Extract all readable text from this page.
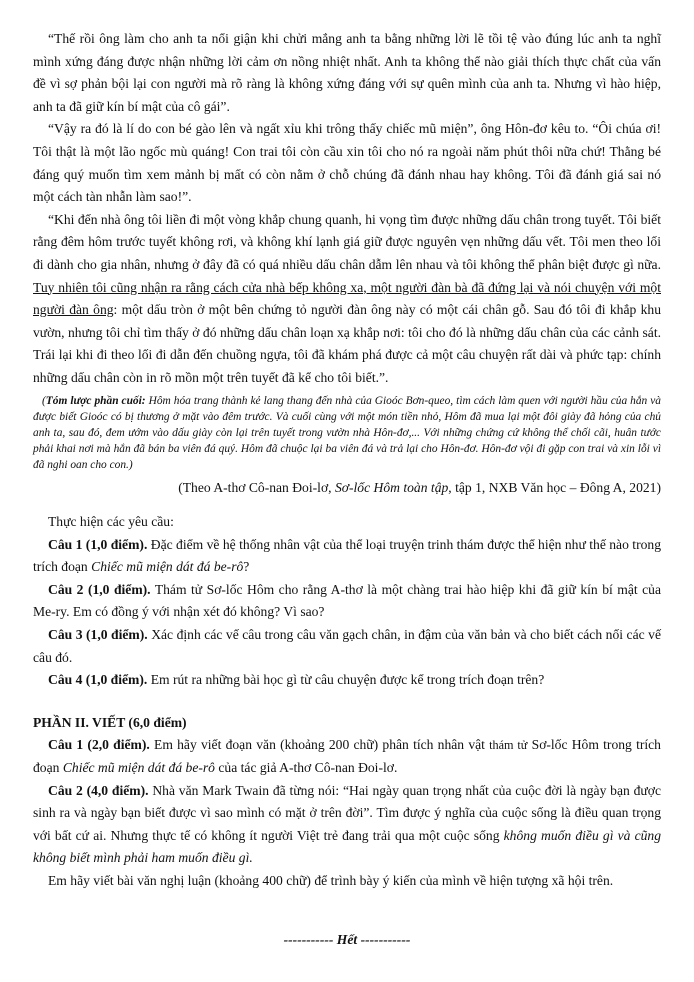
“Thế rồi ông làm cho anh ta nổi giận khi chửi mắng anh ta bằng những lời lẽ tồi tệ vào đúng lúc anh ta nghĩ mình xứng đáng được nhận những lời cảm ơn nồng nhiệt nhất. Anh ta không thể nào giải thích thực chất của vấn đề vì sợ phản bội lại con người mà rõ ràng là không xứng đáng với sự quên mình của anh ta. Nhưng vì hào hiệp, anh ta đã giữ kín bí mật của cô gái”.

“Vậy ra đó là lí do con bé gào lên và ngất xỉu khi trông thấy chiếc mũ miện”, ông Hôn-đơ kêu to. “Ôi chúa ơi! Tôi thật là một lão ngốc mù quáng! Con trai tôi còn cầu xin tôi cho nó ra ngoài năm phút thôi nữa chứ! Thằng bé đáng quý muốn tìm xem mảnh bị mất có còn nằm ở chỗ chúng đã đánh nhau hay không. Tôi đã đánh giá sai nó một cách tàn nhẫn làm sao!”.

“Khi đến nhà ông tôi liền đi một vòng khắp chung quanh, hi vọng tìm được những dấu chân trong tuyết. Tôi biết rằng đêm hôm trước tuyết không rơi, và không khí lạnh giá giữ được nguyên vẹn những dấu vết. Tôi men theo lối đi dành cho gia nhân, nhưng ở đây đã có quá nhiều dấu chân dẫm lên nhau và tôi không thể phân biệt được gì nữa. Tuy nhiên tôi cũng nhận ra rằng cách cửa nhà bếp không xa, một người đàn bà đã đứng lại và nói chuyện với một người đàn ông: một dấu tròn ở một bên chứng tỏ người đàn ông này có một cái chân gỗ. Sau đó tôi đi khắp khu vườn, nhưng tôi chỉ tìm thấy ở đó những dấu chân loạn xạ khắp nơi: tôi cho đó là những dấu chân của các cảnh sát. Trái lại khi đi theo lối đi dẫn đến chuồng ngựa, tôi đã khám phá được cả một câu chuyện rất dài và phức tạp: chính những dấu chân còn in rõ mồn một trên tuyết đã kể cho tôi biết.”.

(Tóm lược phần cuối: Hôm hóa trang thành kẻ lang thang đến nhà của Gioóc Bơn-queo, tìm cách làm quen với người hầu của hắn và được biết Gioóc có bị thương ở mặt vào đêm trước. Và cuối cùng với một món tiền nhỏ, Hôm đã mua lại một đôi giày đã hỏng của chủ anh ta, sau đó, đem ướm vào dấu giày còn lại trên tuyết trong vườn nhà Hôn-đơ,... Với những chứng cứ không thể chối cãi, huân tước phải khai nơi mà hắn đã bán ba viên đá quý. Hôm đã chuộc lại ba viên đá và trả lại cho Hôn-đơ. Hôn-đơ vội đi gặp con trai và xin lỗi vì đã nghi oan cho con.)

(Theo A-thơ Cô-nan Đoi-lơ, Sơ-lốc Hôm toàn tập, tập 1, NXB Văn học – Đông A, 2021)

Thực hiện các yêu cầu:

Câu 1 (1,0 điểm). Đặc điểm về hệ thống nhân vật của thể loại truyện trinh thám được thể hiện như thế nào trong trích đoạn Chiếc mũ miện dát đá be-rô?

Câu 2 (1,0 điểm). Thám tử Sơ-lốc Hôm cho rằng A-thơ là một chàng trai hào hiệp khi đã giữ kín bí mật của Me-ry. Em có đồng ý với nhận xét đó không? Vì sao?

Câu 3 (1,0 điểm). Xác định các vế câu trong câu văn gạch chân, in đậm của văn bản và cho biết cách nối các vế câu đó.

Câu 4 (1,0 điểm). Em rút ra những bài học gì từ câu chuyện được kể trong trích đoạn trên?

PHẦN II. VIẾT (6,0 điểm)

Câu 1 (2,0 điểm). Em hãy viết đoạn văn (khoảng 200 chữ) phân tích nhân vật thám tử Sơ-lốc Hôm trong trích đoạn Chiếc mũ miện dát đá be-rô của tác giả A-thơ Cô-nan Đoi-lơ.

Câu 2 (4,0 điểm). Nhà văn Mark Twain đã từng nói: “Hai ngày quan trọng nhất của cuộc đời là ngày bạn được sinh ra và ngày bạn biết được vì sao mình có mặt ở trên đời”. Tìm được ý nghĩa của cuộc sống là điều quan trọng với bất cứ ai. Nhưng thực tế có không ít người Việt trẻ đang trải qua một cuộc sống không muốn điều gì và cũng không biết mình phải ham muốn điều gì.

Em hãy viết bài văn nghị luận (khoảng 400 chữ) để trình bày ý kiến của mình về hiện tượng xã hội trên.

----------- Hết -----------
